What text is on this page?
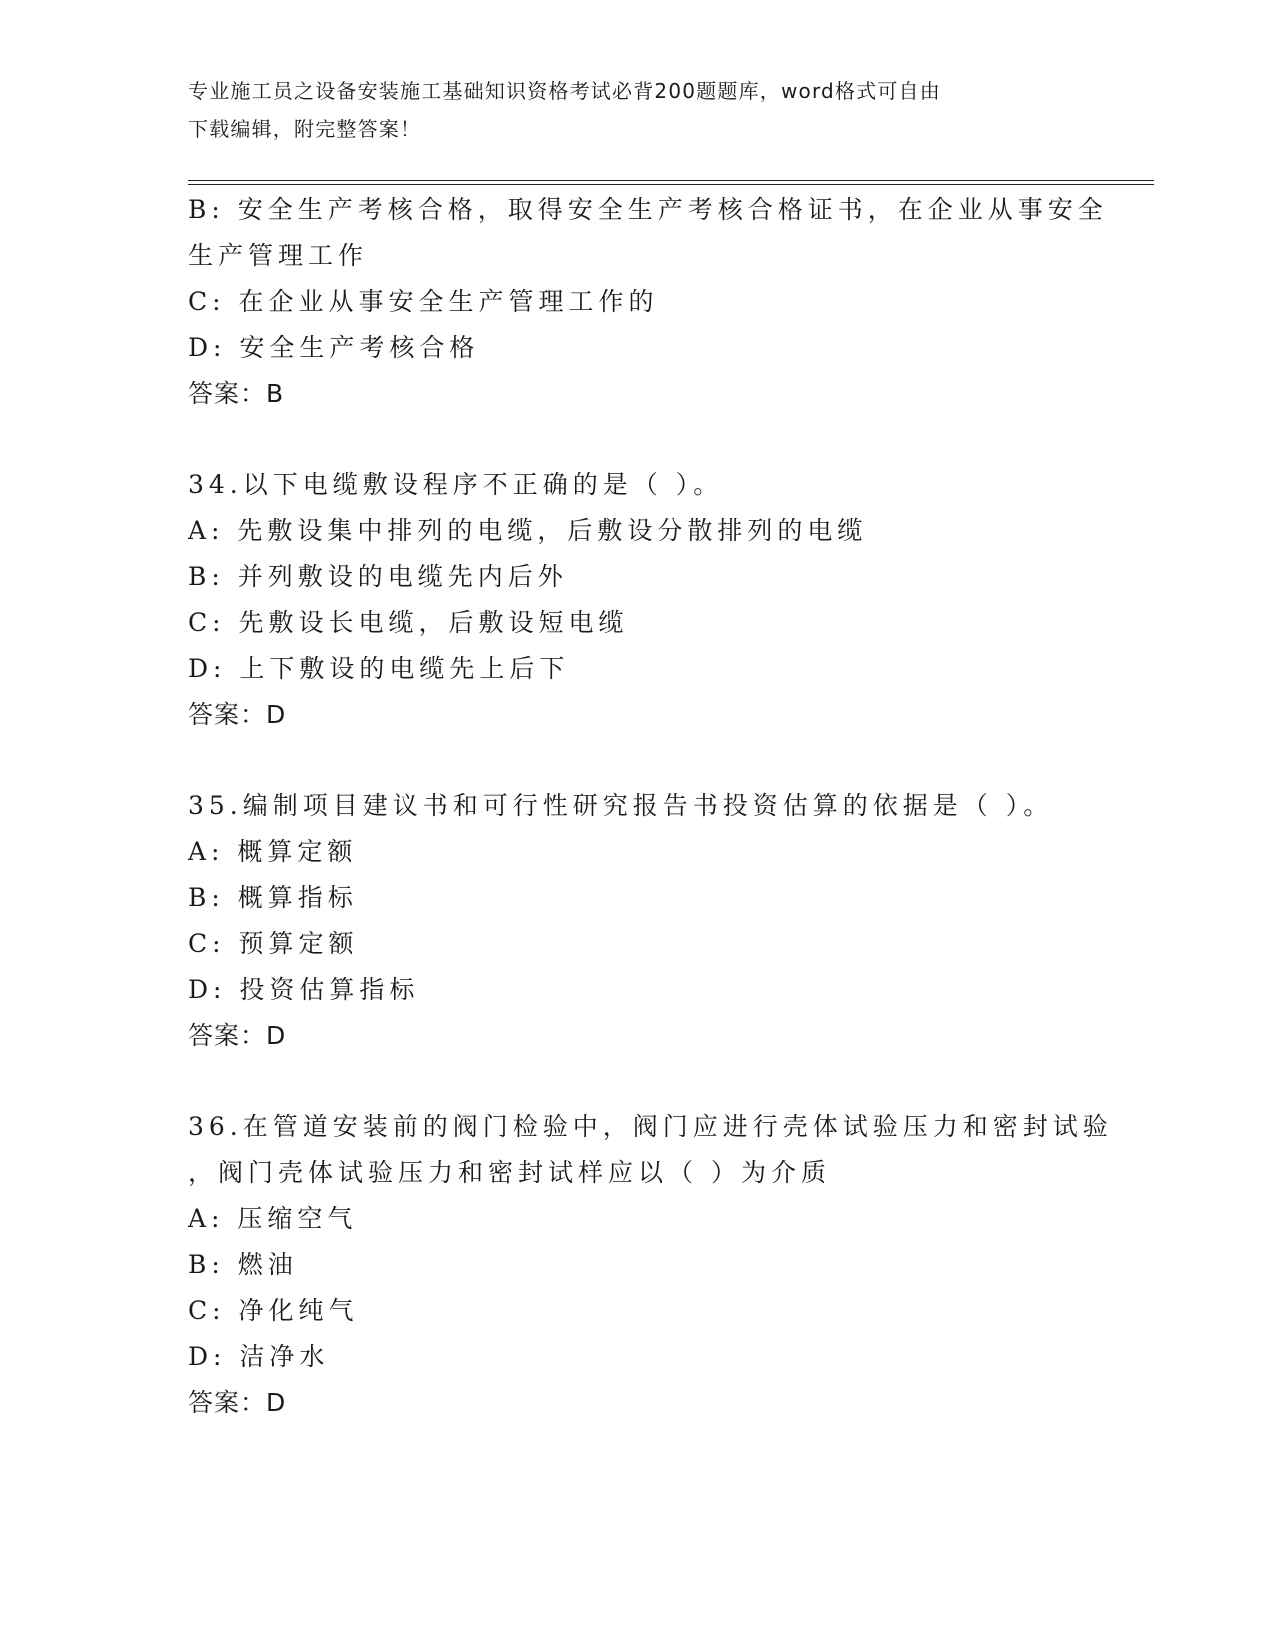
专业施工员之设备安装施工基础知识资格考试必背200题题库，word格式可自由
下载编辑，附完整答案！
B: 安全生产考核合格，取得安全生产考核合格证书，在企业从事安全
生产管理工作
C: 在企业从事安全生产管理工作的
D: 安全生产考核合格
答案：B
34.以下电缆敷设程序不正确的是（ ）。
A: 先敷设集中排列的电缆，后敷设分散排列的电缆
B: 并列敷设的电缆先内后外
C: 先敷设长电缆，后敷设短电缆
D: 上下敷设的电缆先上后下
答案：D
35.编制项目建议书和可行性研究报告书投资估算的依据是（ ）。
A: 概算定额
B: 概算指标
C: 预算定额
D: 投资估算指标
答案：D
36.在管道安装前的阀门检验中，阀门应进行壳体试验压力和密封试验
，阀门壳体试验压力和密封试样应以（ ）为介质
A: 压缩空气
B: 燃油
C: 净化纯气
D: 洁净水
答案：D
